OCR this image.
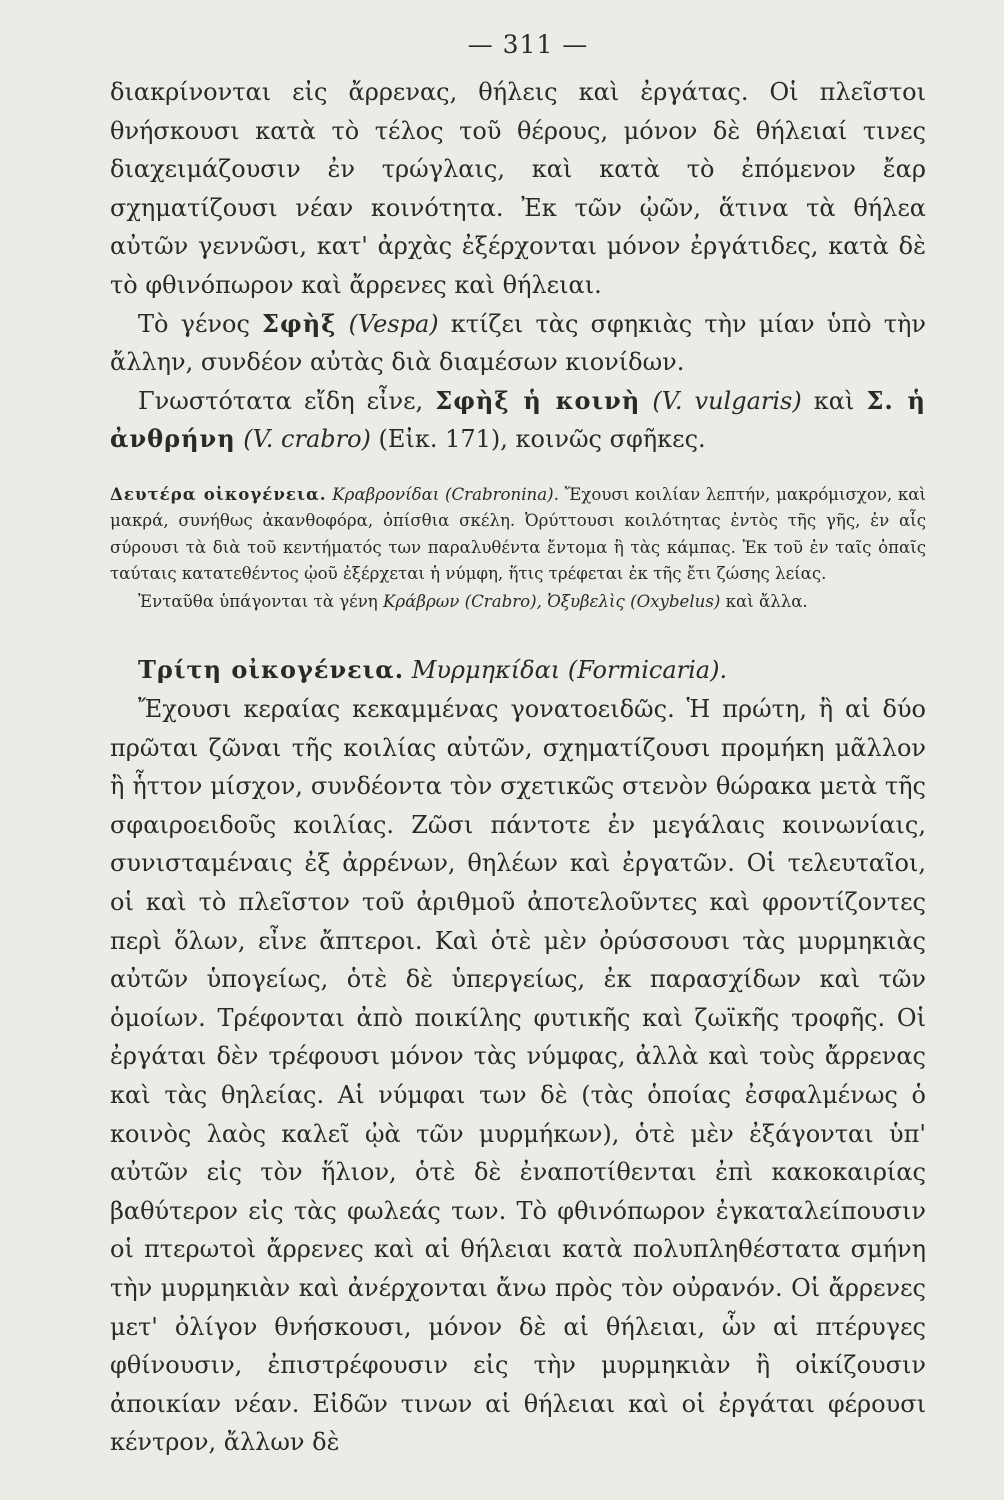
— 311 —

διακρίνονται εἰς ἄρρενας, θήλεις καὶ ἐργάτας. Οἱ πλεῖστοι θνήσκουσι κατὰ τὸ τέλος τοῦ θέρους, μόνον δὲ θήλειαί τινες διαχειμάζουσιν ἐν τρώγλαις, καὶ κατὰ τὸ ἐπόμενον ἔαρ σχηματίζουσι νέαν κοινότητα. Ἐκ τῶν ᾠῶν, ἅτινα τὰ θήλεα αὐτῶν γεννῶσι, κατ' ἀρχὰς ἐξέρχονται μόνον ἐργάτιδες, κατὰ δὲ τὸ φθινόπωρον καὶ ἄρρενες καὶ θήλειαι.

Τὸ γένος Σφὴξ (Vespa) κτίζει τὰς σφηκιὰς τὴν μίαν ὑπὸ τὴν ἄλλην, συνδέον αὐτὰς διὰ διαμέσων κιονίδων.

Γνωστότατα εἴδη εἶνε, Σφὴξ ἡ κοινὴ (V. vulgaris) καὶ Σ. ἡ ἀνθρήνη (V. crabro) (Εἰκ. 171), κοινῶς σφῆκες.

Δευτέρα οἰκογένεια. Κραβρονίδαι (Crabronina). Ἔχουσι κοιλίαν λεπτήν, μακρόμισχον, καὶ μακρά, συνήθως ἀκανθοφόρα, ὀπίσθια σκέλη. Ὀρύττουσι κοιλότητας ἐντὸς τῆς γῆς, ἐν αἷς σύρουσι τὰ διὰ τοῦ κεντήματός των παραλυθέντα ἔντομα ἢ τὰς κάμπας. Ἐκ τοῦ ἐν ταῖς ὀπαῖς ταύταις κατατεθέντος ᾠοῦ ἐξέρχεται ἡ νύμφη, ἥτις τρέφεται ἐκ τῆς ἔτι ζώσης λείας.

Ἐνταῦθα ὑπάγονται τὰ γένη Κράβρων (Crabro), Ὀξυβελὶς (Oxybelus) καὶ ἄλλα.

Τρίτη οἰκογένεια. Μυρμηκίδαι (Formicaria).

Ἔχουσι κεραίας κεκαμμένας γονατοειδῶς. Ἡ πρώτη, ἢ αἱ δύο πρῶται ζῶναι τῆς κοιλίας αὐτῶν, σχηματίζουσι προμήκη μᾶλλον ἢ ἧττον μίσχον, συνδέοντα τὸν σχετικῶς στενὸν θώρακα μετὰ τῆς σφαιροειδοῦς κοιλίας. Ζῶσι πάντοτε ἐν μεγάλαις κοινωνίαις, συνισταμέναις ἐξ ἀρρένων, θηλέων καὶ ἐργατῶν. Οἱ τελευταῖοι, οἱ καὶ τὸ πλεῖστον τοῦ ἀριθμοῦ ἀποτελοῦντες καὶ φροντίζοντες περὶ ὅλων, εἶνε ἄπτεροι. Καὶ ὁτὲ μὲν ὀρύσσουσι τὰς μυρμηκιὰς αὐτῶν ὑπογείως, ὁτὲ δὲ ὑπεργείως, ἐκ παρασχίδων καὶ τῶν ὁμοίων. Τρέφονται ἀπὸ ποικίλης φυτικῆς καὶ ζωϊκῆς τροφῆς. Οἱ ἐργάται δὲν τρέφουσι μόνον τὰς νύμφας, ἀλλὰ καὶ τοὺς ἄρρενας καὶ τὰς θηλείας. Αἱ νύμφαι των δὲ (τὰς ὁποίας ἐσφαλμένως ὁ κοινὸς λαὸς καλεῖ ᾠὰ τῶν μυρμήκων), ὁτὲ μὲν ἐξάγονται ὑπ' αὐτῶν εἰς τὸν ἥλιον, ὁτὲ δὲ ἐναποτίθενται ἐπὶ κακοκαιρίας βαθύτερον εἰς τὰς φωλεάς των. Τὸ φθινόπωρον ἐγκαταλείπουσιν οἱ πτερωτοὶ ἄρρενες καὶ αἱ θήλειαι κατὰ πολυπληθέστατα σμήνη τὴν μυρμηκιὰν καὶ ἀνέρχονται ἄνω πρὸς τὸν οὐρανόν. Οἱ ἄρρενες μετ' ὀλίγον θνήσκουσι, μόνον δὲ αἱ θήλειαι, ὧν αἱ πτέρυγες φθίνουσιν, ἐπιστρέφουσιν εἰς τὴν μυρμηκιὰν ἢ οἰκίζουσιν ἀποικίαν νέαν. Εἰδῶν τινων αἱ θήλειαι καὶ οἱ ἐργάται φέρουσι κέντρον, ἄλλων δὲ
